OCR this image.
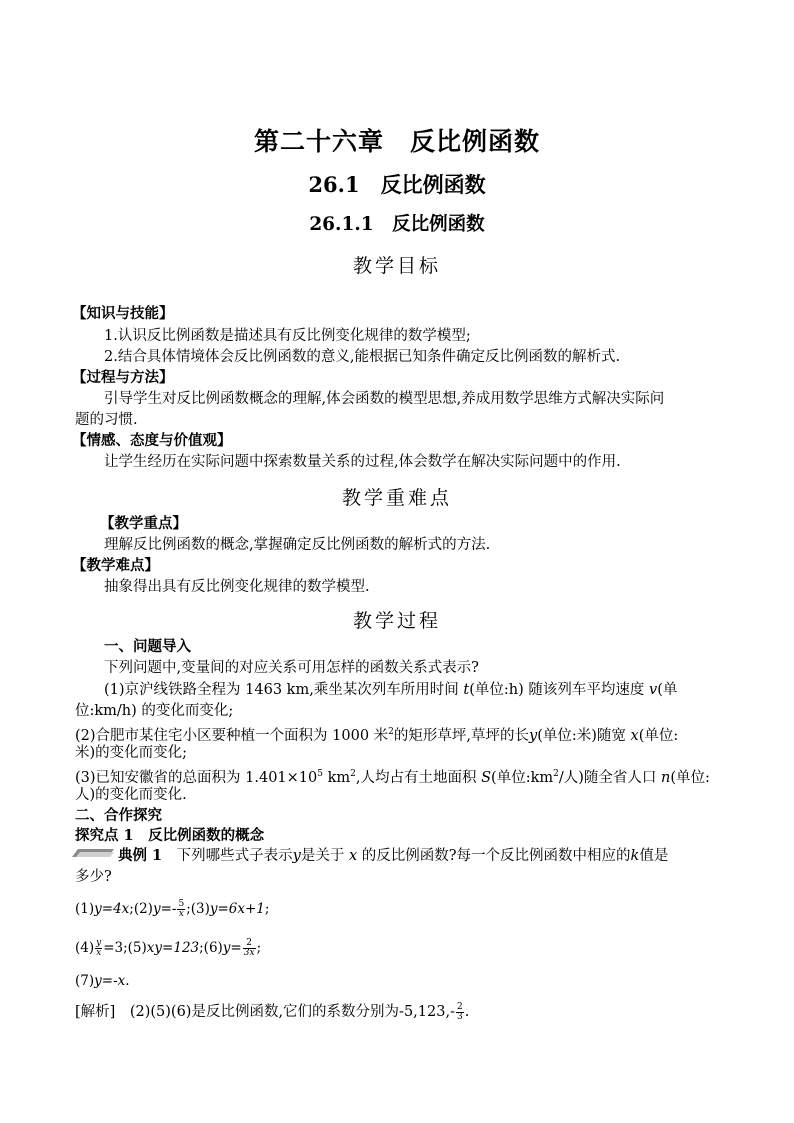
第二十六章　反比例函数
26.1　反比例函数
26.1.1　反比例函数
教学目标
【知识与技能】
1.认识反比例函数是描述具有反比例变化规律的数学模型;
2.结合具体情境体会反比例函数的意义,能根据已知条件确定反比例函数的解析式.
【过程与方法】
引导学生对反比例函数概念的理解,体会函数的模型思想,养成用数学思维方式解决实际问
题的习惯.
【情感、态度与价值观】
让学生经历在实际问题中探索数量关系的过程,体会数学在解决实际问题中的作用.
教学重难点
【教学重点】
理解反比例函数的概念,掌握确定反比例函数的解析式的方法.
【教学难点】
抽象得出具有反比例变化规律的数学模型.
教学过程
一、问题导入
下列问题中,变量间的对应关系可用怎样的函数关系式表示?
(1)京沪线铁路全程为 1463 km,乘坐某次列车所用时间 t(单位:h) 随该列车平均速度 v(单
位:km/h) 的变化而变化;
(2)合肥市某住宅小区要种植一个面积为 1000 米$^2$的矩形草坪,草坪的长y(单位:米)随宽 x(单位:
米)的变化而变化;
(3)已知安徽省的总面积为 $1.401\times 10^5$ $km^2$,人均占有土地面积 S(单位$:km^2/$人)随全省人口 n(单位:
人)的变化而变化.
二、合作探究
探究点 1　反比例函数的概念
典例 1　下列哪些式子表示y是关于 x 的反比例函数?每一个反比例函数中相应的k值是
多少?
(1)y=4x;(2)y=- $\frac{5}{x}$ ;(3)y=6x+1;
$(4) \frac{y}{x}$ =3;(5)xy=123;(6)y= $\frac{2}{3x}$ ;
(7)y=-x.
[解析]　(2)(5)(6)是反比例函数,它们的系数分别为$-5,123,- \frac{2}{3}$ .
